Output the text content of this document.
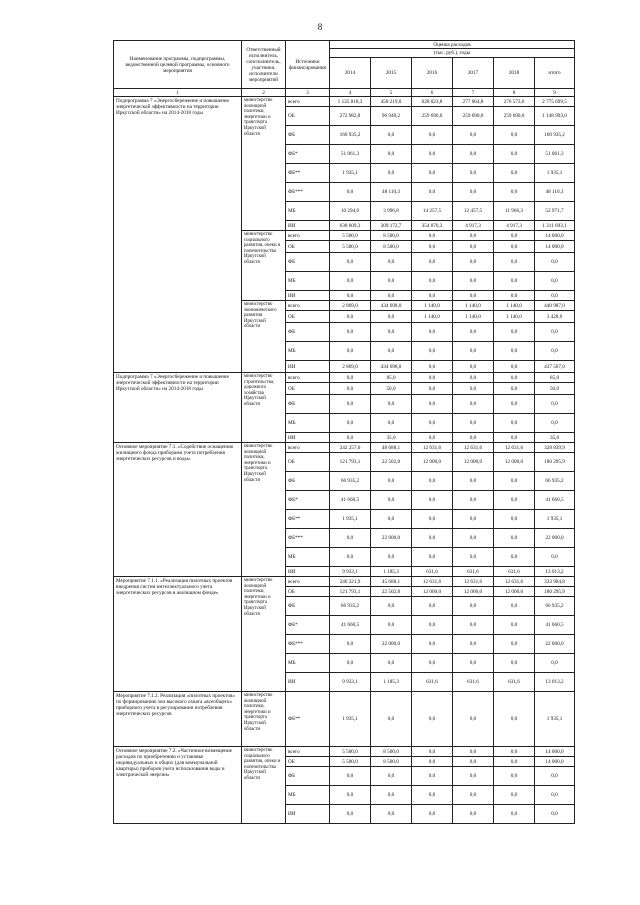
8
Наименование программы, подпрограммы, ведомственной целевой программы, основного мероприятия	Ответственный исполнитель, соисполнитель, участники, исполнители мероприятий	Источники финансирования	Оценка расходов					
			(тыс. руб.), годы					
			2014	2015	2016	2017	2018	итого
1	2	3	4	5	6	7	8	9
Подпрограмма 7 «Энергосбережение и повышение энергетической эффективности на территории Иркутской области» на 2014-2018 годы	министерство жилищной политики, энергетики и транспорта Иркутской области	всего	1 135 818,3	458 219,0	628 023,8	277 064,8	276 573,6	2 775 699,5
		ОБ	272 982,8	96 940,2	259 690,0	259 690,0	259 690,0	1 148 993,0
		ФБ	160 935,2	0,0	0,0	0,0	0,0	160 935,2
		ФБ*	51 061,3	0,0	0,0	0,0	0,0	51 061,3
		ФБ**	1 935,1	0,0	0,0	0,0	0,0	1 935,1
		ФБ***	0,0	48 110,3	0,0	0,0	0,0	48 110,3
		МБ	10 294,6	3 996,8	14 257,5	12 457,5	11 966,3	52 971,7
		ИИ	638 609,3	309 172,7	354 076,3	4 917,3	4 917,3	1 311 693,1
	министерство социального развития, опеки и попечительства Иркутской области	всего	5 500,0	8 500,0	0,0	0,0	0,0	14 000,0
		ОБ	5 500,0	8 500,0	0,0	0,0	0,0	14 000,0
		ФБ	0,0	0,0	0,0	0,0	0,0	0,0
		МБ	0,0	0,0	0,0	0,0	0,0	0,0
		ИИ	0,0	0,0	0,0	0,0	0,0	0,0
	министерство экономического развития Иркутской области	всего	2 869,0	434 698,0	1 140,0	1 140,0	1 140,0	440 987,0
		ОБ	0,0	0,0	1 140,0	1 140,0	1 140,0	3 420,0
		ФБ	0,0	0,0	0,0	0,0	0,0	0,0
		МБ	0,0	0,0	0,0	0,0	0,0	0,0
		ИИ	2 869,0	434 698,0	0,0	0,0	0,0	437 567,0
Подпрограмма 7 «Энергосбережение и повышение энергетической эффективности на территории Иркутской области» на 2014-2018 годы	министерство строительства, дорожного хозяйства Иркутской области	всего	0,0	85,0	0,0	0,0	0,0	85,0
		ОБ	0,0	50,0	0,0	0,0	0,0	50,0
		ФБ	0,0	0,0	0,0	0,0	0,0	0,0
		МБ	0,0	0,0	0,0	0,0	0,0	0,0
		ИИ	0,0	35,0	0,0	0,0	0,0	35,0
Основное мероприятие 7.1. «Содействие оснащению жилищного фонда приборами учета потребления энергетических ресурсов и воды»	министерство жилищной политики, энергетики и транспорта Иркутской области	всего	242 257,0	48 688,1	12 631,6	12 631,6	12 631,6	328 839,9
		ОБ	121 793,1	22 502,8	12 000,0	12 000,0	12 000,0	180 295,9
		ФБ	66 935,2	0,0	0,0	0,0	0,0	66 935,2
		ФБ*	41 660,5	0,0	0,0	0,0	0,0	41 660,5
		ФБ**	1 935,1	0,0	0,0	0,0	0,0	1 935,1
		ФБ***	0,0	22 000,0	0,0	0,0	0,0	22 000,0
		МБ	0,0	0,0	0,0	0,0	0,0	0,0
		ИИ	9 933,1	1 185,3	631,6	631,6	631,6	13 013,2
Мероприятие 7.1.1. «Реализация пилотных проектов внедрения систем интеллектуального учета энергетических ресурсов в жилищном фонде»	министерство жилищной политики, энергетики и транспорта Иркутской области	всего	240 321,9	45 688,1	12 631,6	12 631,6	12 631,6	333 904,8
		ОБ	121 793,1	22 502,8	12 000,0	12 000,0	12 000,0	180 295,9
		ФБ	66 935,2	0,0	0,0	0,0	0,0	66 935,2
		ФБ*	41 660,5	0,0	0,0	0,0	0,0	41 660,5
		ФБ***	0,0	22 000,0	0,0	0,0	0,0	22 000,0
		МБ	0,0	0,0	0,0	0,0	0,0	0,0
		ИИ	9 933,1	1 185,3	631,6	631,6	631,6	13 013,2
Мероприятие 7.1.2. Реализация «пилотных проектов» по формированию зон высокого охвата «всеобщего» приборного учета в регулировании потребления энергетических ресурсов	министерство жилищной политики, энергетики и транспорта Иркутской области	ФБ**	1 935,1	0,0	0,0	0,0	0,0	1 935,1
Основное мероприятие 7.2. «Частичное возмещение расходов по приобретению и установке индивидуальных и общих (для коммунальной квартиры) приборов учета использования воды и электрической энергии»	министерство социального развития, опеки и попечительства Иркутской области	всего	5 500,0	8 500,0	0,0	0,0	0,0	14 000,0
		ОБ	5 500,0	8 500,0	0,0	0,0	0,0	14 000,0
		ФБ	0,0	0,0	0,0	0,0	0,0	0,0
		МБ	0,0	0,0	0,0	0,0	0,0	0,0
		ИИ	0,0	0,0	0,0	0,0	0,0	0,0
